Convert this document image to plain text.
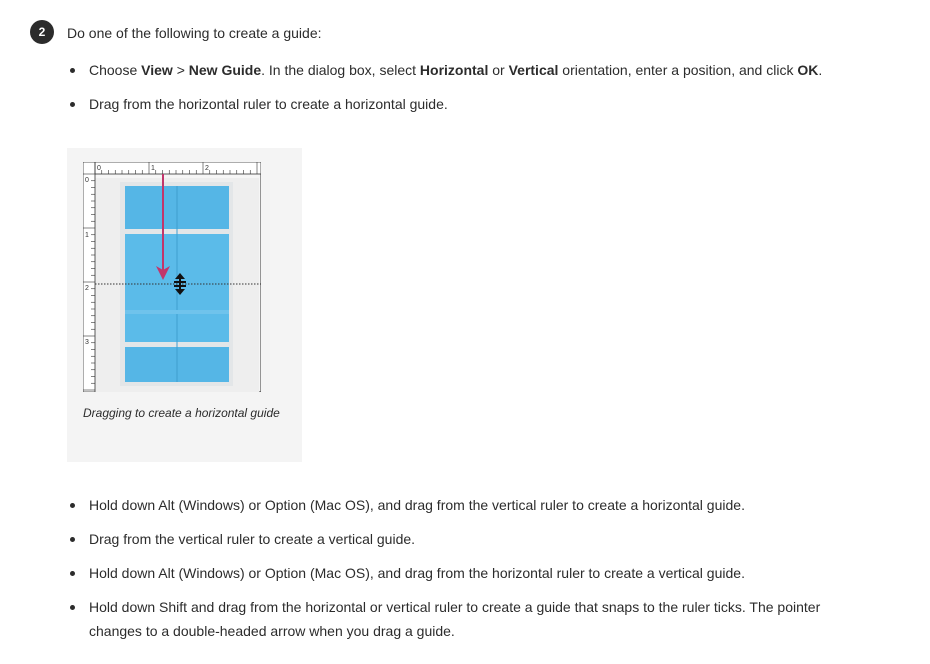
2	Do one of the following to create a guide:
Choose View > New Guide. In the dialog box, select Horizontal or Vertical orientation, enter a position, and click OK.
Drag from the horizontal ruler to create a horizontal guide.
0	1	2
0
1
2
3
Dragging to create a horizontal guide
Hold down Alt (Windows) or Option (Mac OS), and drag from the vertical ruler to create a horizontal guide.
Drag from the vertical ruler to create a vertical guide.
Hold down Alt (Windows) or Option (Mac OS), and drag from the horizontal ruler to create a vertical guide.
Hold down Shift and drag from the horizontal or vertical ruler to create a guide that snaps to the ruler ticks. The pointer changes to a double-headed arrow when you drag a guide.
